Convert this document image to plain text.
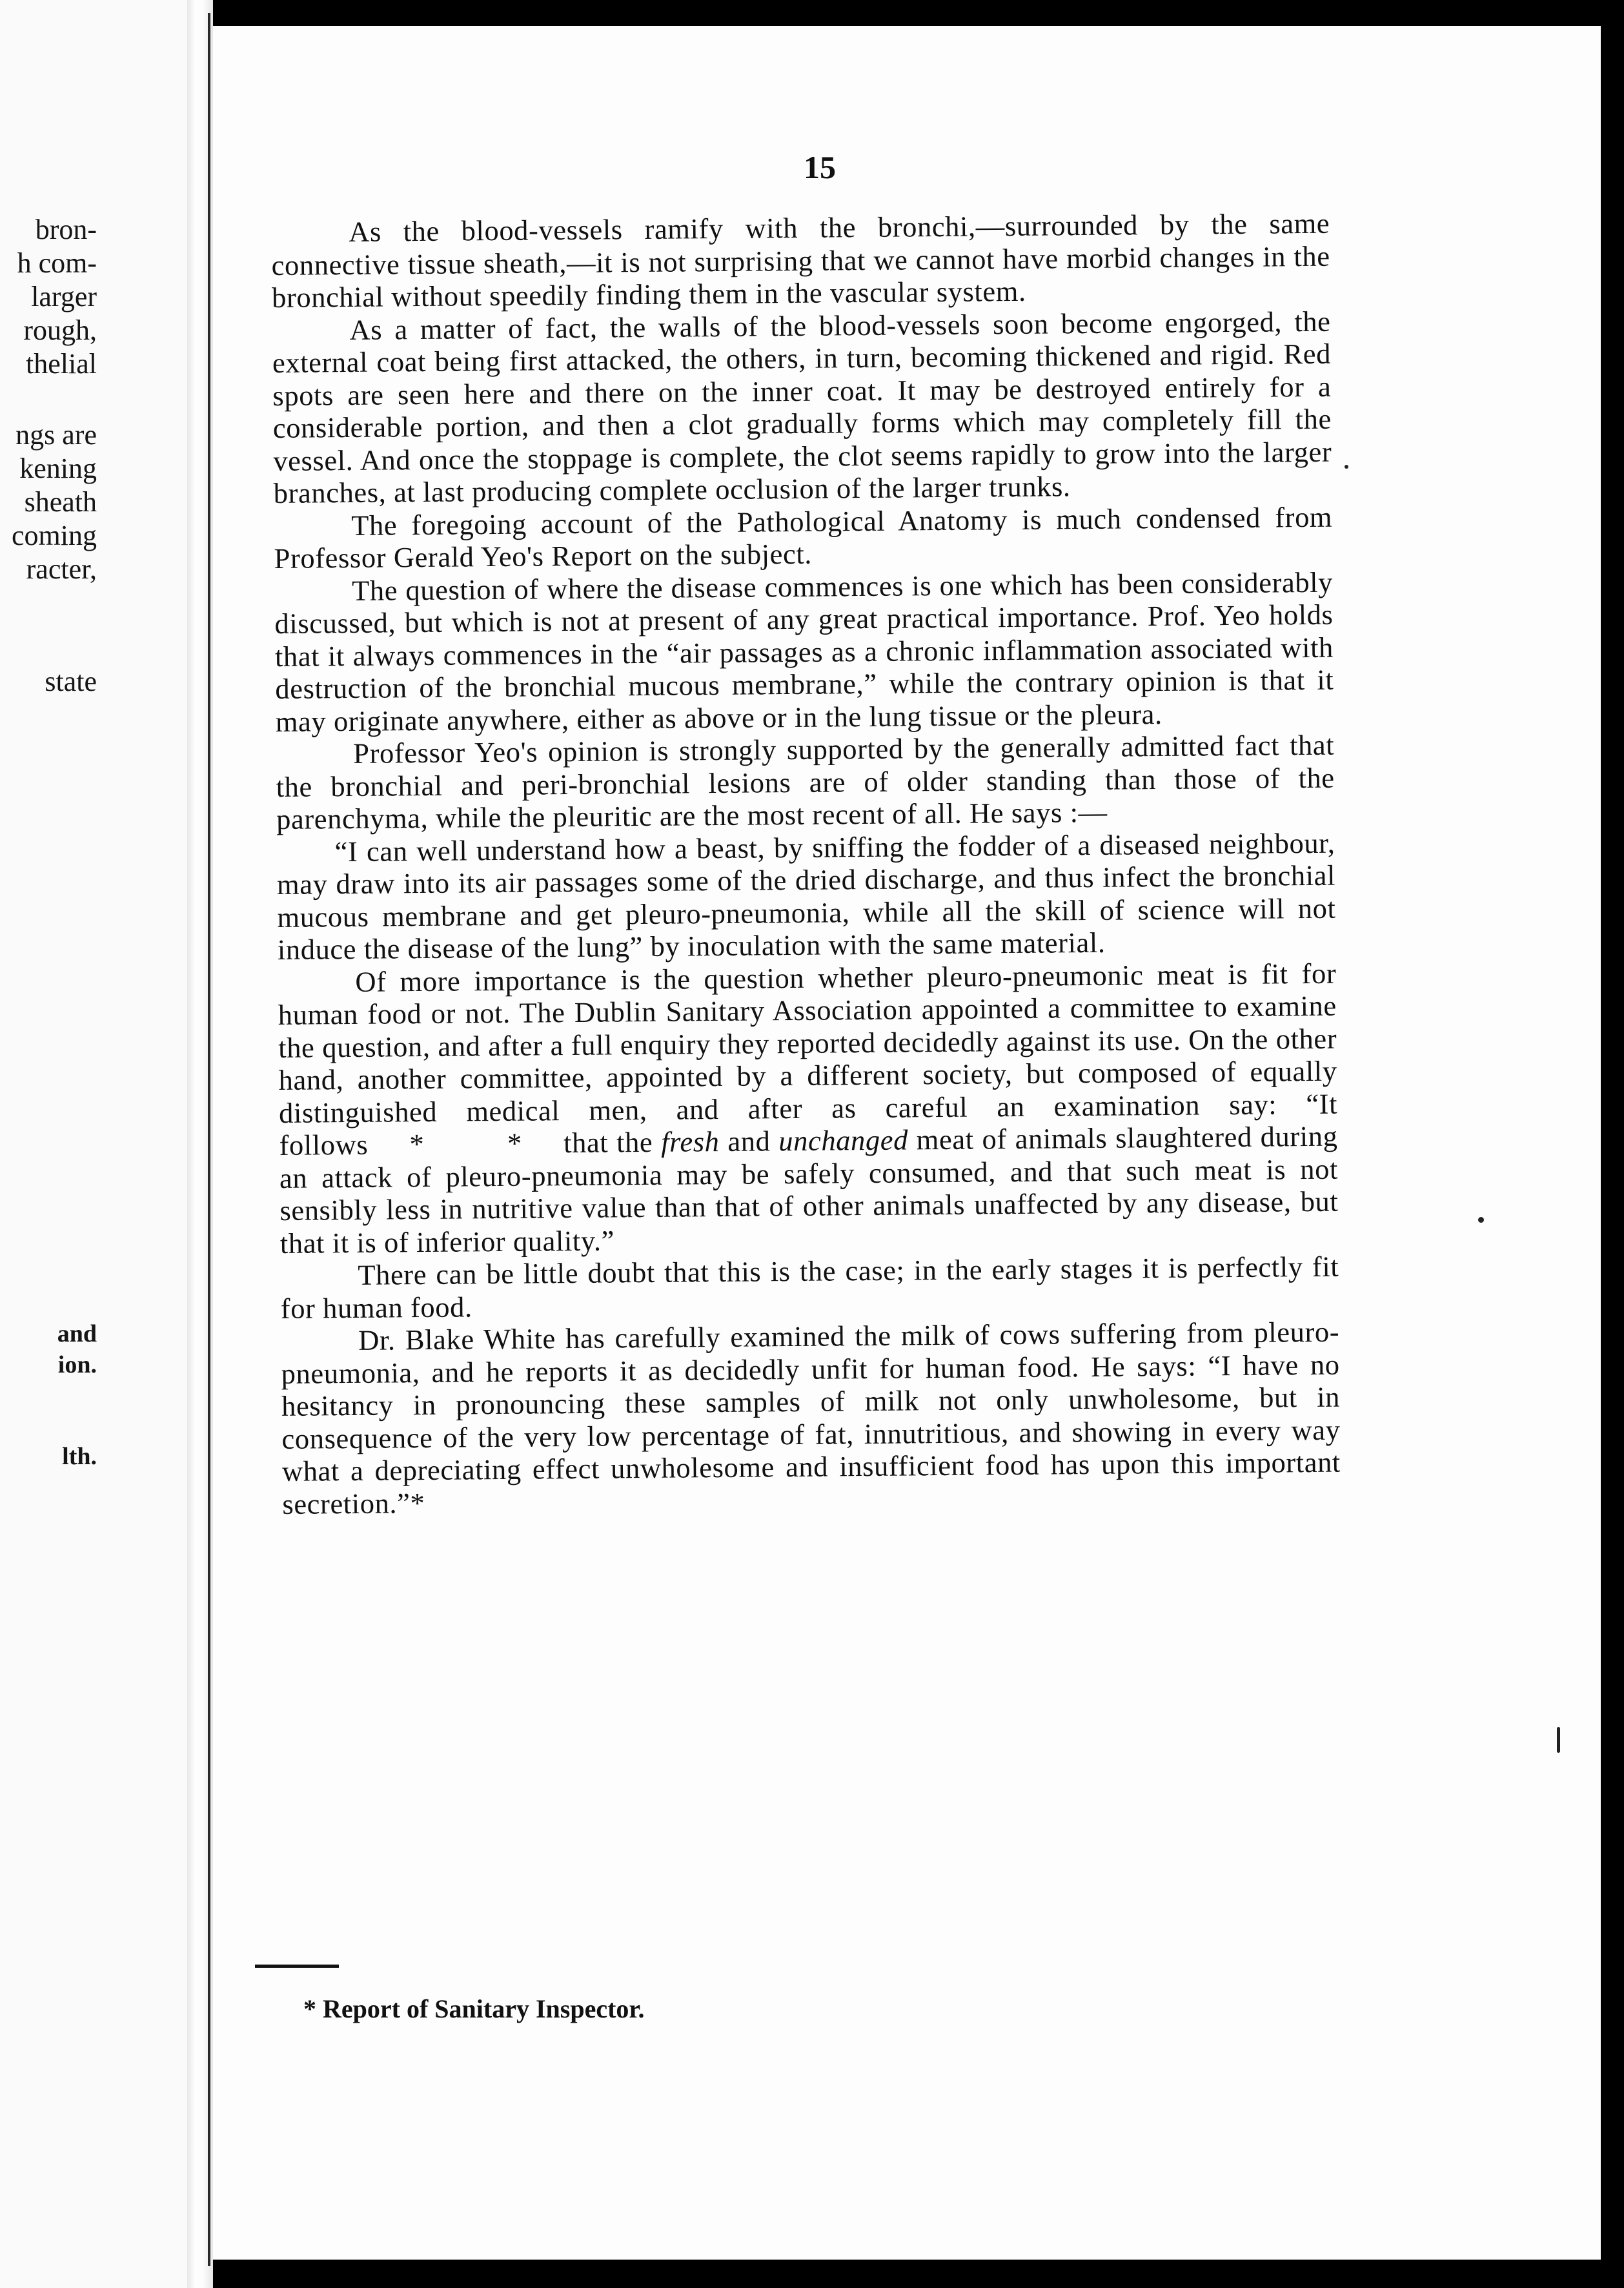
bron-
h com-
larger
rough,
thelial
ngs are
kening
sheath
coming
racter,
state
and
ion.
lth.
15

As the blood-vessels ramify with the bronchi,—surrounded by the same connective tissue sheath,—it is not surprising that we cannot have morbid changes in the bronchial without speedily finding them in the vascular system.

As a matter of fact, the walls of the blood-vessels soon become engorged, the external coat being first attacked, the others, in turn, becoming thickened and rigid. Red spots are seen here and there on the inner coat. It may be destroyed entirely for a considerable portion, and then a clot gradually forms which may completely fill the vessel. And once the stoppage is complete, the clot seems rapidly to grow into the larger branches, at last producing complete occlusion of the larger trunks.

The foregoing account of the Pathological Anatomy is much condensed from Professor Gerald Yeo's Report on the subject.

The question of where the disease commences is one which has been considerably discussed, but which is not at present of any great practical importance. Prof. Yeo holds that it always commences in the “air passages as a chronic inflammation associated with destruction of the bronchial mucous membrane,” while the contrary opinion is that it may originate anywhere, either as above or in the lung tissue or the pleura.

Professor Yeo's opinion is strongly supported by the generally admitted fact that the bronchial and peri-bronchial lesions are of older standing than those of the parenchyma, while the pleuritic are the most recent of all. He says :—

“I can well understand how a beast, by sniffing the fodder of a diseased neighbour, may draw into its air passages some of the dried discharge, and thus infect the bronchial mucous membrane and get pleuro-pneumonia, while all the skill of science will not induce the disease of the lung” by inoculation with the same material.

Of more importance is the question whether pleuro-pneumonic meat is fit for human food or not. The Dublin Sanitary Association appointed a committee to examine the question, and after a full enquiry they reported decidedly against its use. On the other hand, another committee, appointed by a different society, but composed of equally distinguished medical men, and after as careful an examination say: “It follows *          * that the fresh and unchanged meat of animals slaughtered during an attack of pleuro-pneumonia may be safely consumed, and that such meat is not sensibly less in nutritive value than that of other animals unaffected by any disease, but that it is of inferior quality.”

There can be little doubt that this is the case; in the early stages it is perfectly fit for human food.

Dr. Blake White has carefully examined the milk of cows suffering from pleuro-pneumonia, and he reports it as decidedly unfit for human food. He says: “I have no hesitancy in pronouncing these samples of milk not only unwholesome, but in consequence of the very low percentage of fat, innutritious, and showing in every way what a depreciating effect unwholesome and insufficient food has upon this important secretion.”*

* Report of Sanitary Inspector.
